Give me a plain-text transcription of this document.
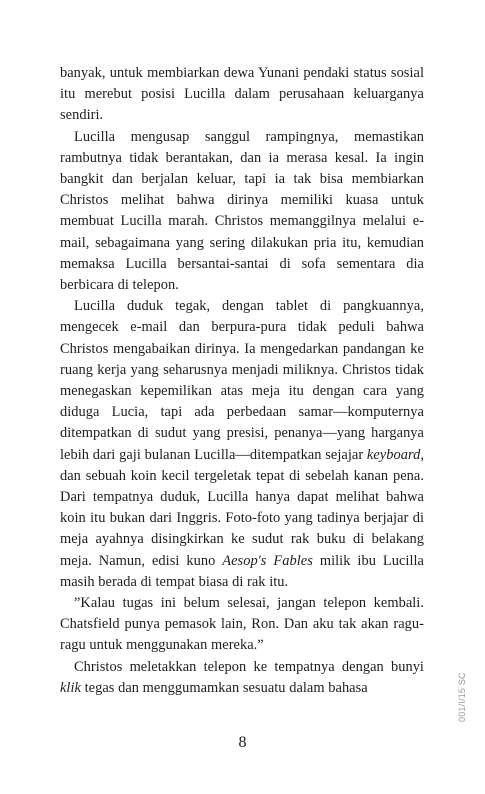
banyak, untuk membiarkan dewa Yunani pendaki status sosial itu merebut posisi Lucilla dalam perusahaan keluarganya sendiri.

Lucilla mengusap sanggul rampingnya, memastikan rambutnya tidak berantakan, dan ia merasa kesal. Ia ingin bangkit dan berjalan keluar, tapi ia tak bisa membiarkan Christos melihat bahwa dirinya memiliki kuasa untuk membuat Lucilla marah. Christos memanggilnya melalui e-mail, sebagaimana yang sering dilakukan pria itu, kemudian memaksa Lucilla bersantai-santai di sofa sementara dia berbicara di telepon.

Lucilla duduk tegak, dengan tablet di pangkuannya, mengecek e-mail dan berpura-pura tidak peduli bahwa Christos mengabaikan dirinya. Ia mengedarkan pandangan ke ruang kerja yang seharusnya menjadi miliknya. Christos tidak menegaskan kepemilikan atas meja itu dengan cara yang diduga Lucia, tapi ada perbedaan samar—komputernya ditempatkan di sudut yang presisi, penanya—yang harganya lebih dari gaji bulanan Lucilla—ditempatkan sejajar keyboard, dan sebuah koin kecil tergeletak tepat di sebelah kanan pena. Dari tempatnya duduk, Lucilla hanya dapat melihat bahwa koin itu bukan dari Inggris. Foto-foto yang tadinya berjajar di meja ayahnya disingkirkan ke sudut rak buku di belakang meja. Namun, edisi kuno Aesop's Fables milik ibu Lucilla masih berada di tempat biasa di rak itu.

”Kalau tugas ini belum selesai, jangan telepon kembali. Chatsfield punya pemasok lain, Ron. Dan aku tak akan ragu-ragu untuk menggunakan mereka.”

Christos meletakkan telepon ke tempatnya dengan bunyi klik tegas dan menggumamkan sesuatu dalam bahasa

8
001/I/15 SC
